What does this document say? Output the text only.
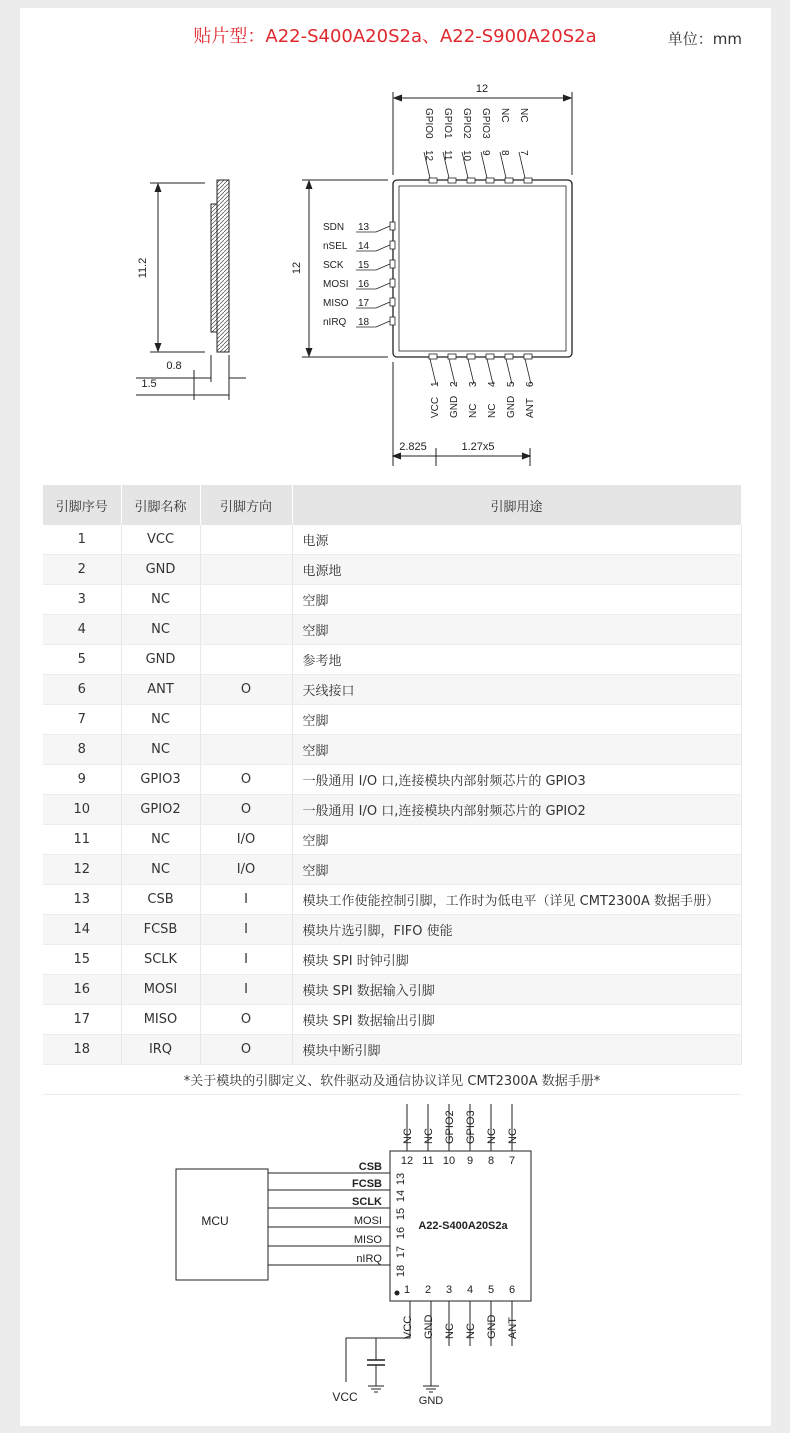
贴片型：A22-S400A20S2a、A22-S900A20S2a	单位：mm
12
GPIO0
11
GPIO1
10
GPIO2
9
GPIO3
8
NC
7
NC
1
VCC
2
GND
3
NC
4
NC
5
GND
6
ANT
13
SDN
14
nSEL
15
SCK
16
MOSI
17
MISO
18
nIRQ
11.2
0.8
1.5
12
12
2.825	1.27x5
引脚序号	引脚名称	引脚方向	引脚用途
1	VCC		电源
2	GND		电源地
3	NC		空脚
4	NC		空脚
5	GND		参考地
6	ANT	O	天线接口
7	NC		空脚
8	NC		空脚
9	GPIO3	O	一般通用 I/O 口,连接模块内部射频芯片的 GPIO3
10	GPIO2	O	一般通用 I/O 口,连接模块内部射频芯片的 GPIO2
11	NC	I/O	空脚
12	NC	I/O	空脚
13	CSB	I	模块工作使能控制引脚，工作时为低电平（详见 CMT2300A 数据手册）
14	FCSB	I	模块片选引脚，FIFO 使能
15	SCLK	I	模块 SPI 时钟引脚
16	MOSI	I	模块 SPI 数据输入引脚
17	MISO	O	模块 SPI 数据输出引脚
18	IRQ	O	模块中断引脚
*关于模块的引脚定义、软件驱动及通信协议详见 CMT2300A 数据手册*			
12
NC
11
NC
10
GPIO2
9
GPIO3
8
NC
7
NC
13
CSB
14
FCSB
15
SCLK
16
MOSI
17
MISO
18
nIRQ
1
VCC
2
GND
3
NC
4
NC
5
GND
6
ANT
MCU	A22-S400A20S2a
VCC	GND
